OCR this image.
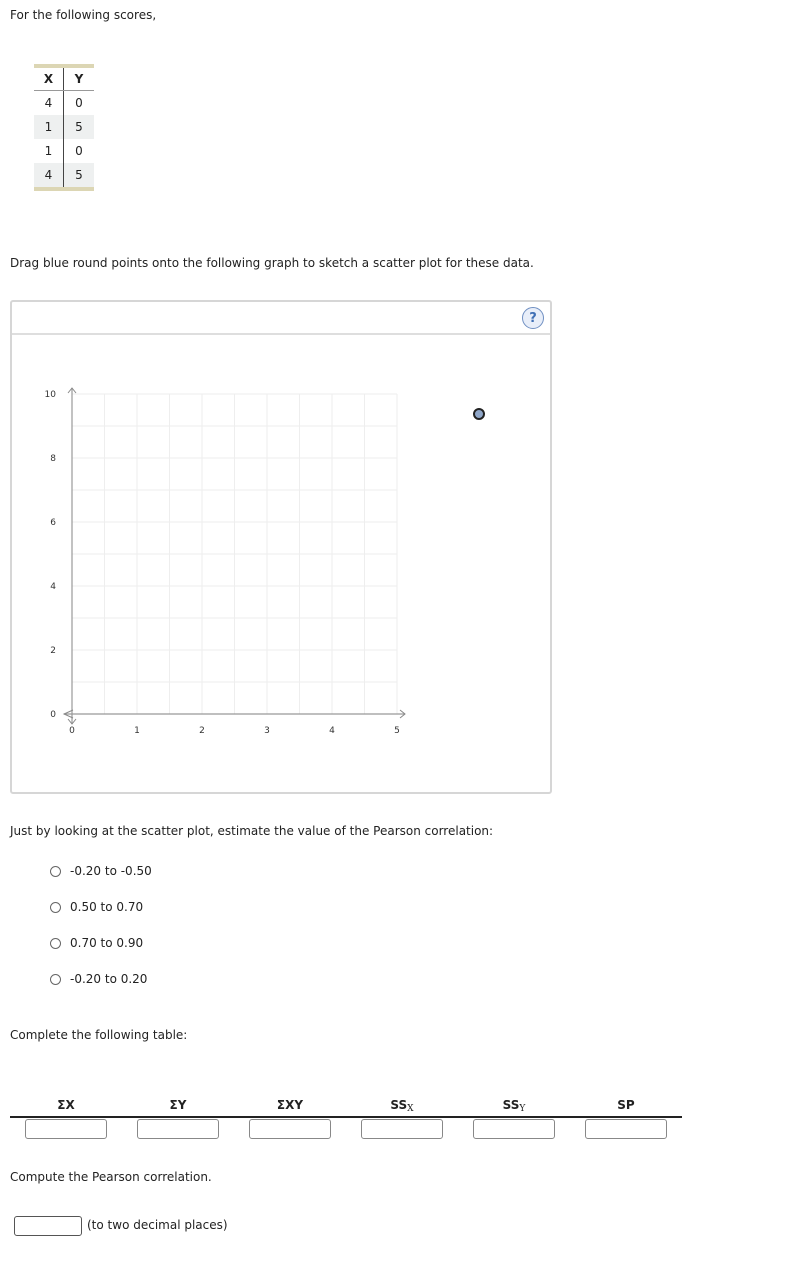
For the following scores,
X	Y
4	0
1	5
1	0
4	5
Drag blue round points onto the following graph to sketch a scatter plot for these data.
?
0	1	2	3	4	5
0
2
4
6
8
10
Just by looking at the scatter plot, estimate the value of the Pearson correlation:
-0.20 to -0.50
0.50 to 0.70
0.70 to 0.90
-0.20 to 0.20
Complete the following table:
ΣX	ΣY	ΣXY	$SS_X$	$SS_Y$	SP
Compute the Pearson correlation.
(to two decimal places)
